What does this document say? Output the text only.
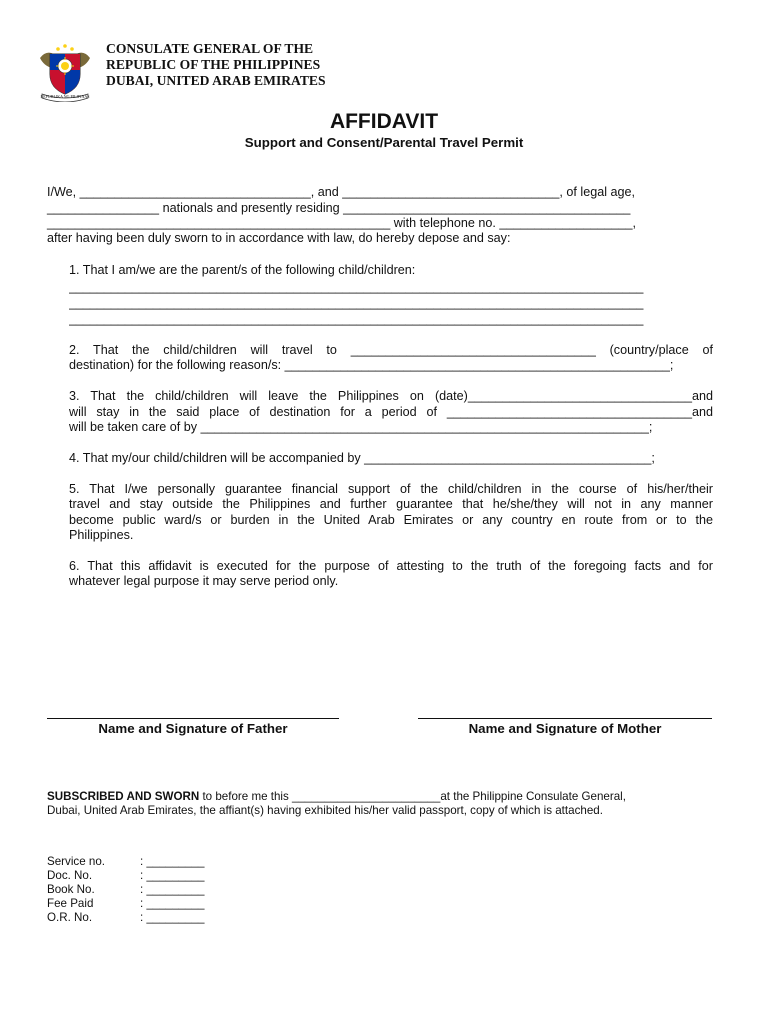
REPUBLIKA NG PILIPINAS
CONSULATE GENERAL OF THE
REPUBLIC OF THE PHILIPPINES
DUBAI, UNITED ARAB EMIRATES
AFFIDAVIT
Support and Consent/Parental Travel Permit
I/We, _________________________________, and _______________________________, of legal age,
________________ nationals and presently residing _________________________________________
_________________________________________________ with telephone no. ___________________,
after having been duly sworn to in accordance with law, do hereby depose and say:
1. That I am/we are the parent/s of the following child/children:
__________________________________________________________________________________
__________________________________________________________________________________
__________________________________________________________________________________
2. That the child/children will travel to ___________________________________ (country/place of
destination) for the following reason/s: _______________________________________________________;
3. That the child/children will leave the Philippines on (date)________________________________and
will stay in the said place of destination for a period of ___________________________________and
will be taken care of by ________________________________________________________________;
4. That my/our child/children will be accompanied by _________________________________________;
5. That I/we personally guarantee financial support of the child/children in the course of his/her/their
travel and stay outside the Philippines and further guarantee that he/she/they will not in any manner
become public ward/s or burden in the United Arab Emirates or any country en route from or to the
Philippines.
6. That this affidavit is executed for the purpose of attesting to the truth of the foregoing facts and for
whatever legal purpose it may serve period only.
Name and Signature of Father	Name and Signature of Mother
SUBSCRIBED AND SWORN to before me this _______________________at the Philippine Consulate General,
Dubai, United Arab Emirates, the affiant(s) having exhibited his/her valid passport, copy of which is attached.
Service no.	: _________
Doc. No.	: _________
Book No.	: _________
Fee Paid	: _________
O.R. No.	: _________
